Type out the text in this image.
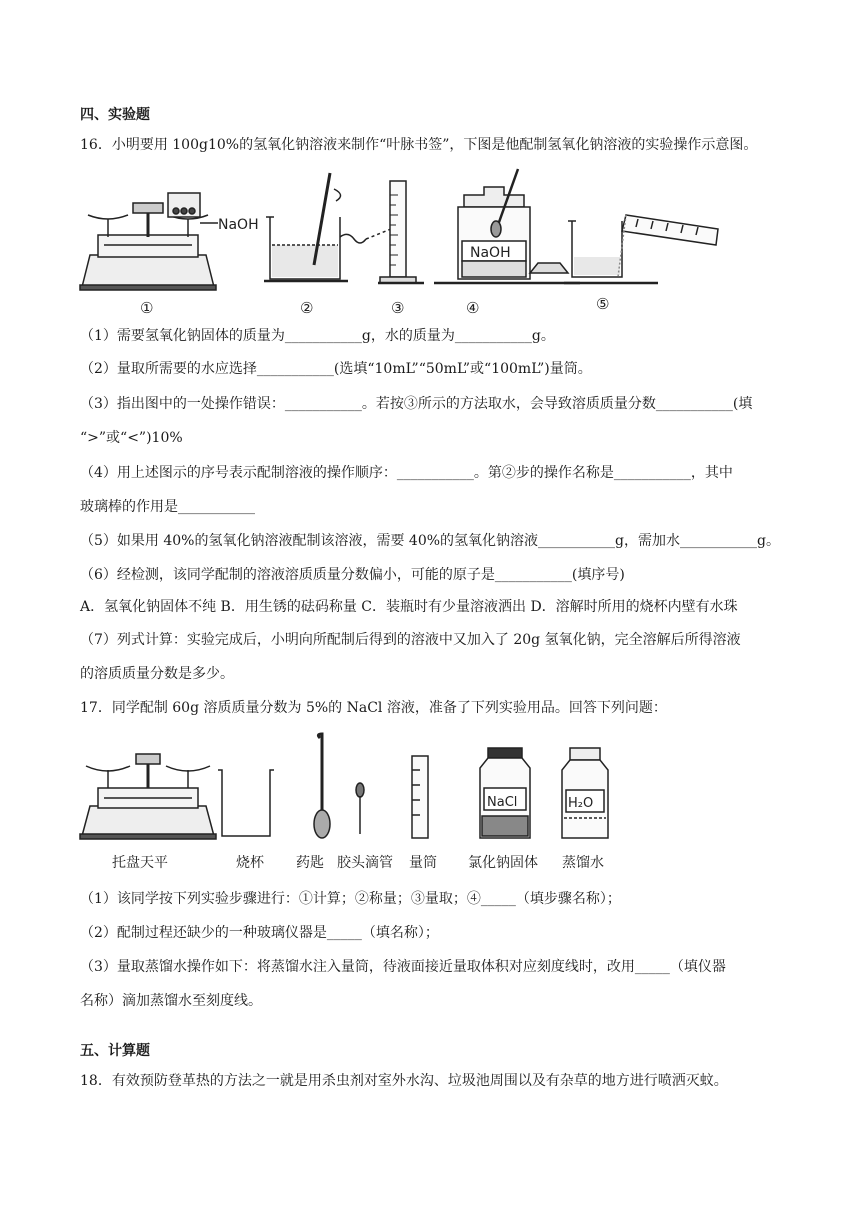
四、实验题
16．小明要用 100g10%的氢氧化钠溶液来制作“叶脉书签”，下图是他配制氢氧化钠溶液的实验操作示意图。
NaOH
NaOH
①	②	③	④	⑤
（1）需要氢氧化钠固体的质量为___________g，水的质量为___________g。
（2）量取所需要的水应选择___________(选填“10mL”“50mL”或“100mL”)量筒。
（3）指出图中的一处操作错误：___________。若按③所示的方法取水，会导致溶质质量分数___________(填
“>”或“<”)10%
（4）用上述图示的序号表示配制溶液的操作顺序：___________。第②步的操作名称是___________，其中
玻璃棒的作用是___________
（5）如果用 40%的氢氧化钠溶液配制该溶液，需要 40%的氢氧化钠溶液___________g，需加水___________g。
（6）经检测，该同学配制的溶液溶质质量分数偏小，可能的原子是___________(填序号)
A．氢氧化钠固体不纯 B．用生锈的砝码称量 C．装瓶时有少量溶液洒出 D．溶解时所用的烧杯内壁有水珠
（7）列式计算：实验完成后，小明向所配制后得到的溶液中又加入了 20g 氢氧化钠，完全溶解后所得溶液
的溶质质量分数是多少。
17．同学配制 60g 溶质质量分数为 5%的 NaCl 溶液，准备了下列实验用品。回答下列问题：
NaCl	H₂O
托盘天平	烧杯 药匙 胶头滴管 量筒 氯化钠固体 蒸馏水
（1）该同学按下列实验步骤进行：①计算；②称量；③量取；④_____（填步骤名称）；
（2）配制过程还缺少的一种玻璃仪器是_____（填名称）；
（3）量取蒸馏水操作如下：将蒸馏水注入量筒，待液面接近量取体积对应刻度线时，改用_____（填仪器
名称）滴加蒸馏水至刻度线。
五、计算题
18．有效预防登革热的方法之一就是用杀虫剂对室外水沟、垃圾池周围以及有杂草的地方进行喷洒灭蚊。
